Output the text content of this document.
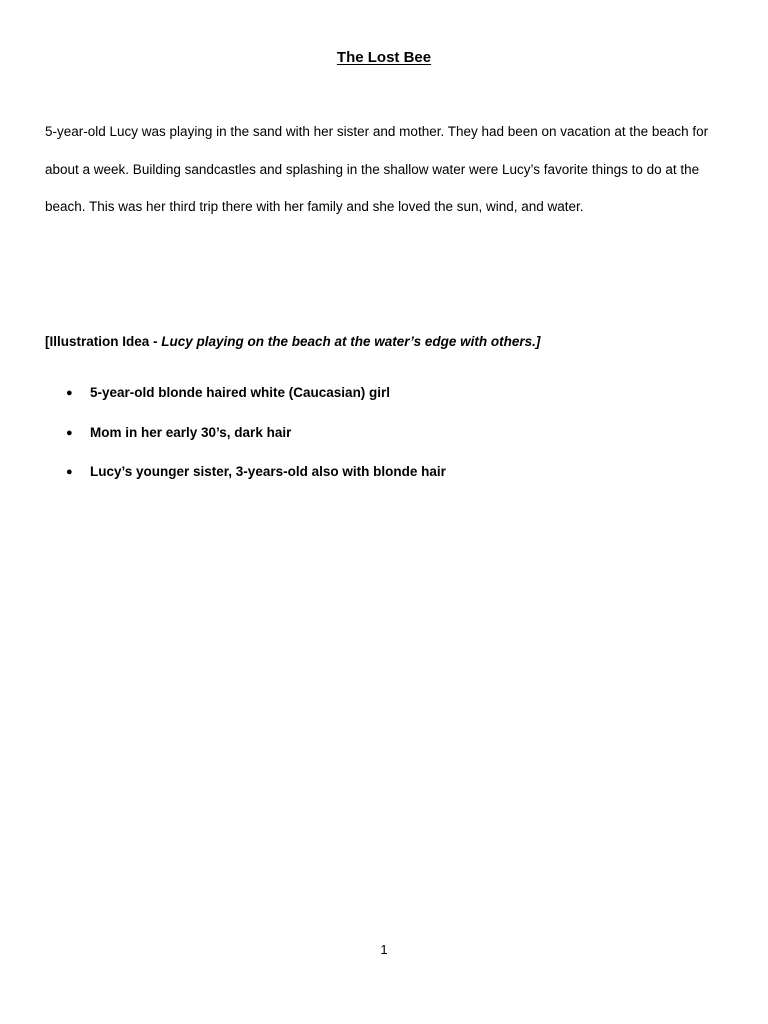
The Lost Bee

5-year-old Lucy was playing in the sand with her sister and mother. They had been on vacation at the beach for about a week. Building sandcastles and splashing in the shallow water were Lucy’s favorite things to do at the beach. This was her third trip there with her family and she loved the sun, wind, and water.

[Illustration Idea - Lucy playing on the beach at the water’s edge with others.]

● 5-year-old blonde haired white (Caucasian) girl
● Mom in her early 30’s, dark hair
● Lucy’s younger sister, 3-years-old also with blonde hair
1
